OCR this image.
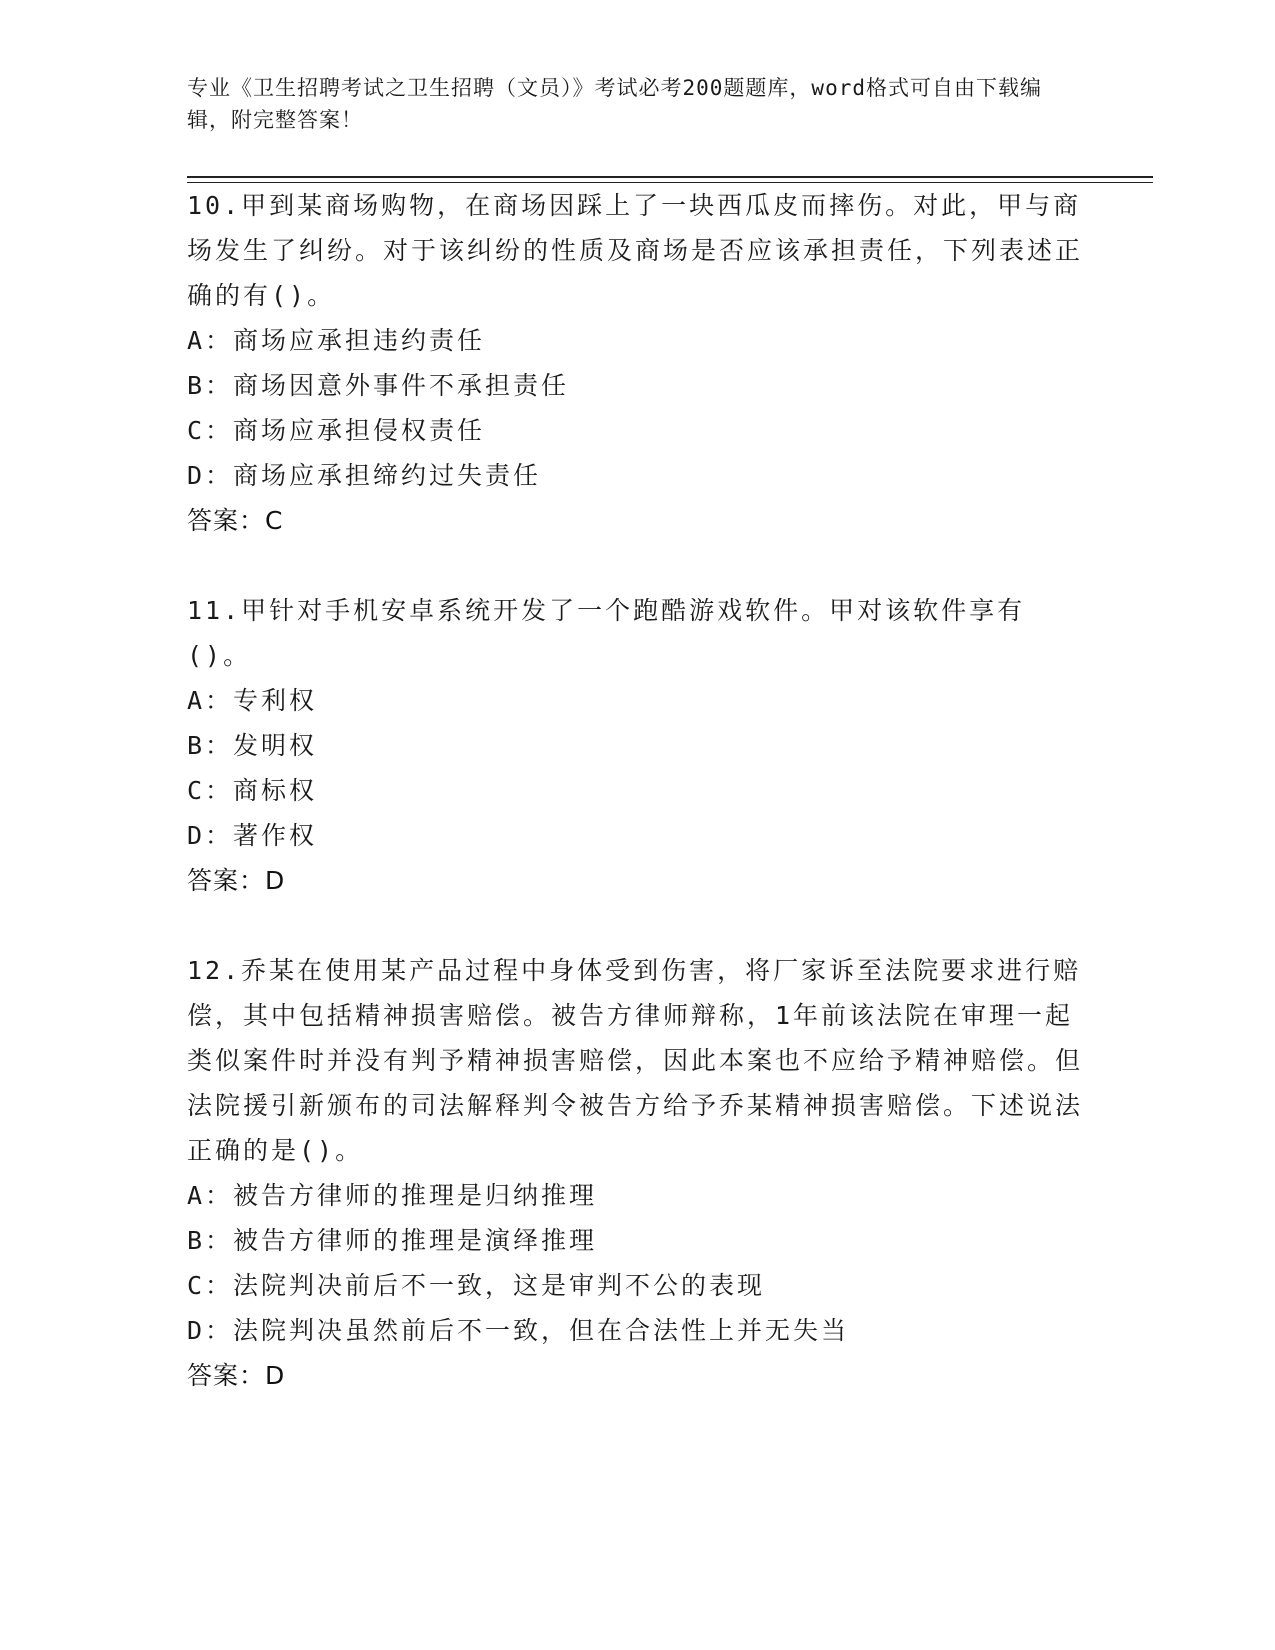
专业《卫生招聘考试之卫生招聘（文员）》考试必考200题题库，word格式可自由下载编辑，附完整答案！

10.甲到某商场购物，在商场因踩上了一块西瓜皮而摔伤。对此，甲与商场发生了纠纷。对于该纠纷的性质及商场是否应该承担责任，下列表述正确的有()。

A：商场应承担违约责任

B：商场因意外事件不承担责任

C：商场应承担侵权责任

D：商场应承担缔约过失责任

答案：C

11.甲针对手机安卓系统开发了一个跑酷游戏软件。甲对该软件享有()。

A：专利权

B：发明权

C：商标权

D：著作权

答案：D

12.乔某在使用某产品过程中身体受到伤害，将厂家诉至法院要求进行赔偿，其中包括精神损害赔偿。被告方律师辩称，1年前该法院在审理一起类似案件时并没有判予精神损害赔偿，因此本案也不应给予精神赔偿。但法院援引新颁布的司法解释判令被告方给予乔某精神损害赔偿。下述说法正确的是()。

A：被告方律师的推理是归纳推理

B：被告方律师的推理是演绎推理

C：法院判决前后不一致，这是审判不公的表现

D：法院判决虽然前后不一致，但在合法性上并无失当

答案：D
